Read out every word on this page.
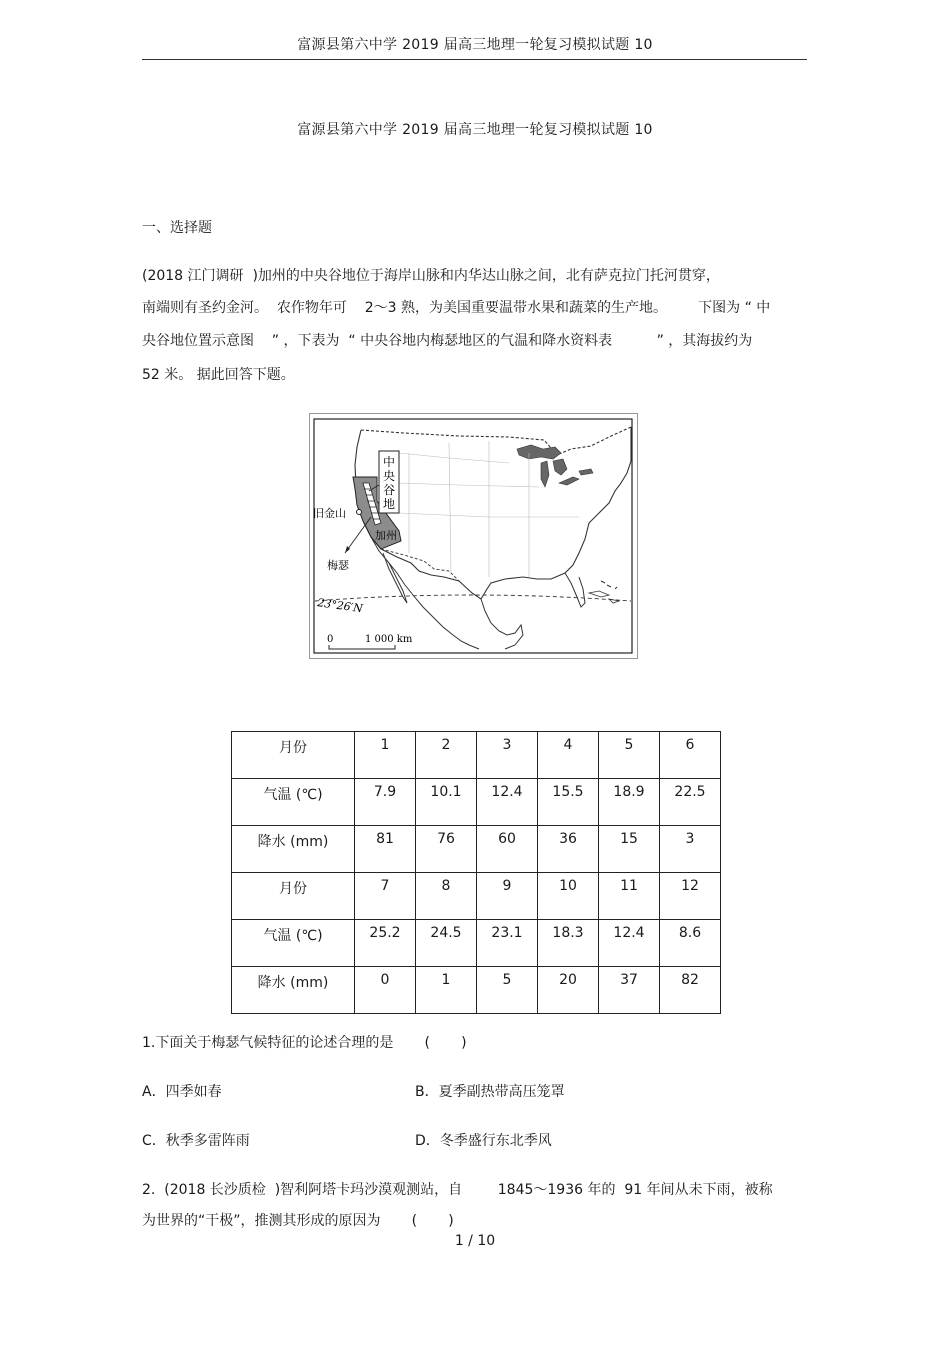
富源县第六中学 2019 届高三地理一轮复习模拟试题 10
富源县第六中学 2019 届高三地理一轮复习模拟试题 10
一、选择题
(2018 江门调研  )加州的中央谷地位于海岸山脉和内华达山脉之间，北有萨克拉门托河贯穿，
南端则有圣约金河。  农作物年可    2～3 熟，为美国重要温带水果和蔬菜的生产地。       下图为 “ 中
央谷地位置示意图    ” ，下表为  “ 中央谷地内梅瑟地区的气温和降水资料表          ” ，其海拔约为
52 米。 据此回答下题。
中
央
谷
地
旧金山
加州
梅瑟
23°26′N
0	1 000 km
月份	1	2	3	4	5	6
气温 (℃)	7.9	10.1	12.4	15.5	18.9	22.5
降水 (mm)	81	76	60	36	15	3
月份	7	8	9	10	11	12
气温 (℃)	25.2	24.5	23.1	18.3	12.4	8.6
降水 (mm)	0	1	5	20	37	82
1.下面关于梅瑟气候特征的论述合理的是       (       )
A．四季如春	B．夏季副热带高压笼罩
C．秋季多雷阵雨	D．冬季盛行东北季风
2.  (2018 长沙质检  )智利阿塔卡玛沙漠观测站，自        1845～1936 年的  91 年间从未下雨，被称
为世界的“干极”，推测其形成的原因为       (       )
1 / 10
